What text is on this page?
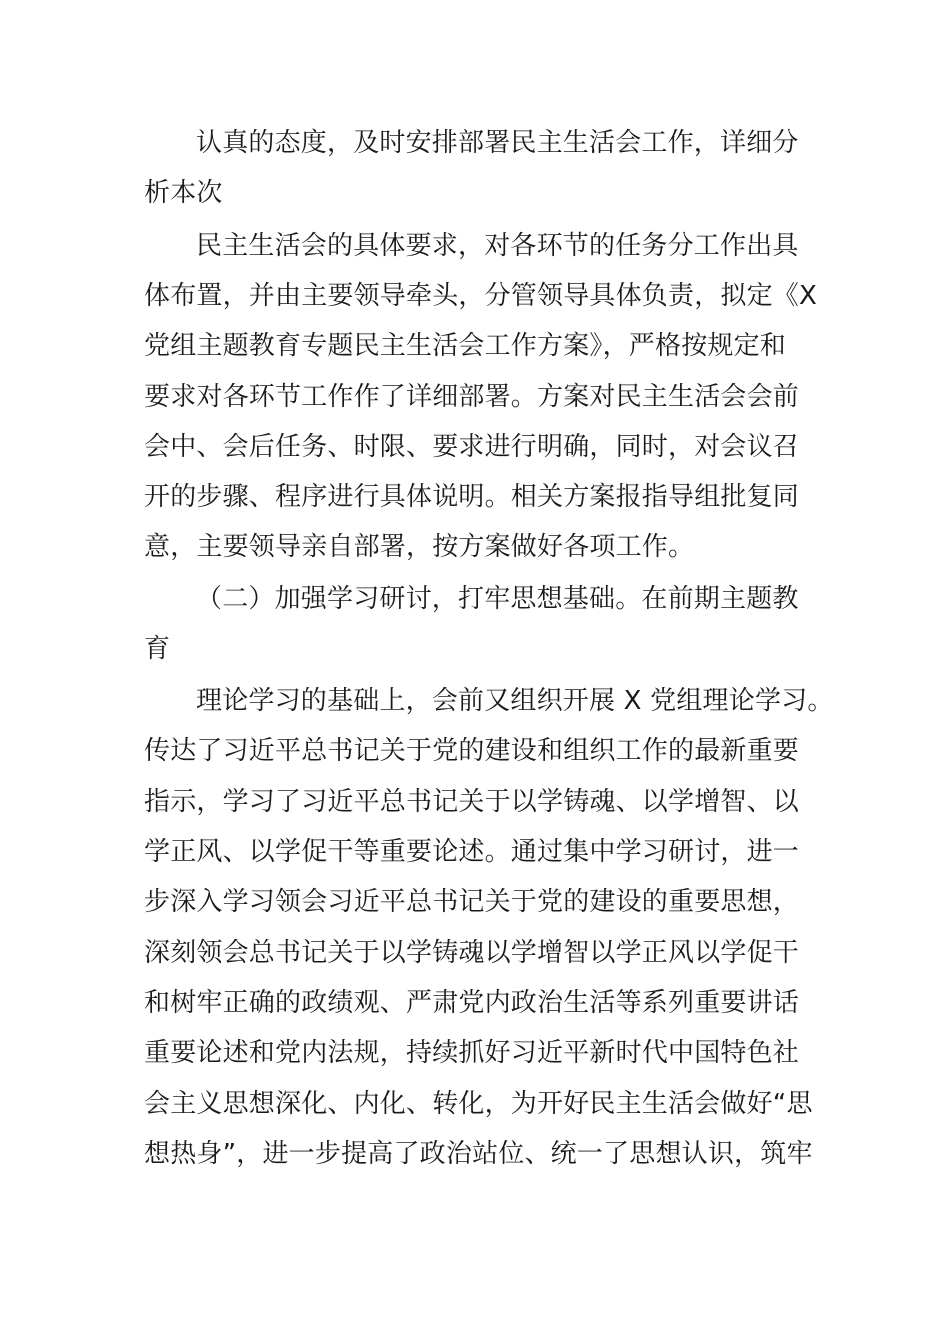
认真的态度，及时安排部署民主生活会工作，详细分
析本次
民主生活会的具体要求，对各环节的任务分工作出具
体布置，并由主要领导牵头，分管领导具体负责，拟定《X
党组主题教育专题民主生活会工作方案》，严格按规定和
要求对各环节工作作了详细部署。方案对民主生活会会前
会中、会后任务、时限、要求进行明确，同时，对会议召
开的步骤、程序进行具体说明。相关方案报指导组批复同
意，主要领导亲自部署，按方案做好各项工作。
（二）加强学习研讨，打牢思想基础。在前期主题教
育
理论学习的基础上，会前又组织开展 X 党组理论学习。
传达了习近平总书记关于党的建设和组织工作的最新重要
指示，学习了习近平总书记关于以学铸魂、以学增智、以
学正风、以学促干等重要论述。通过集中学习研讨，进一
步深入学习领会习近平总书记关于党的建设的重要思想，
深刻领会总书记关于以学铸魂以学增智以学正风以学促干
和树牢正确的政绩观、严肃党内政治生活等系列重要讲话
重要论述和党内法规，持续抓好习近平新时代中国特色社
会主义思想深化、内化、转化，为开好民主生活会做好“思
想热身”，进一步提高了政治站位、统一了思想认识，筑牢
